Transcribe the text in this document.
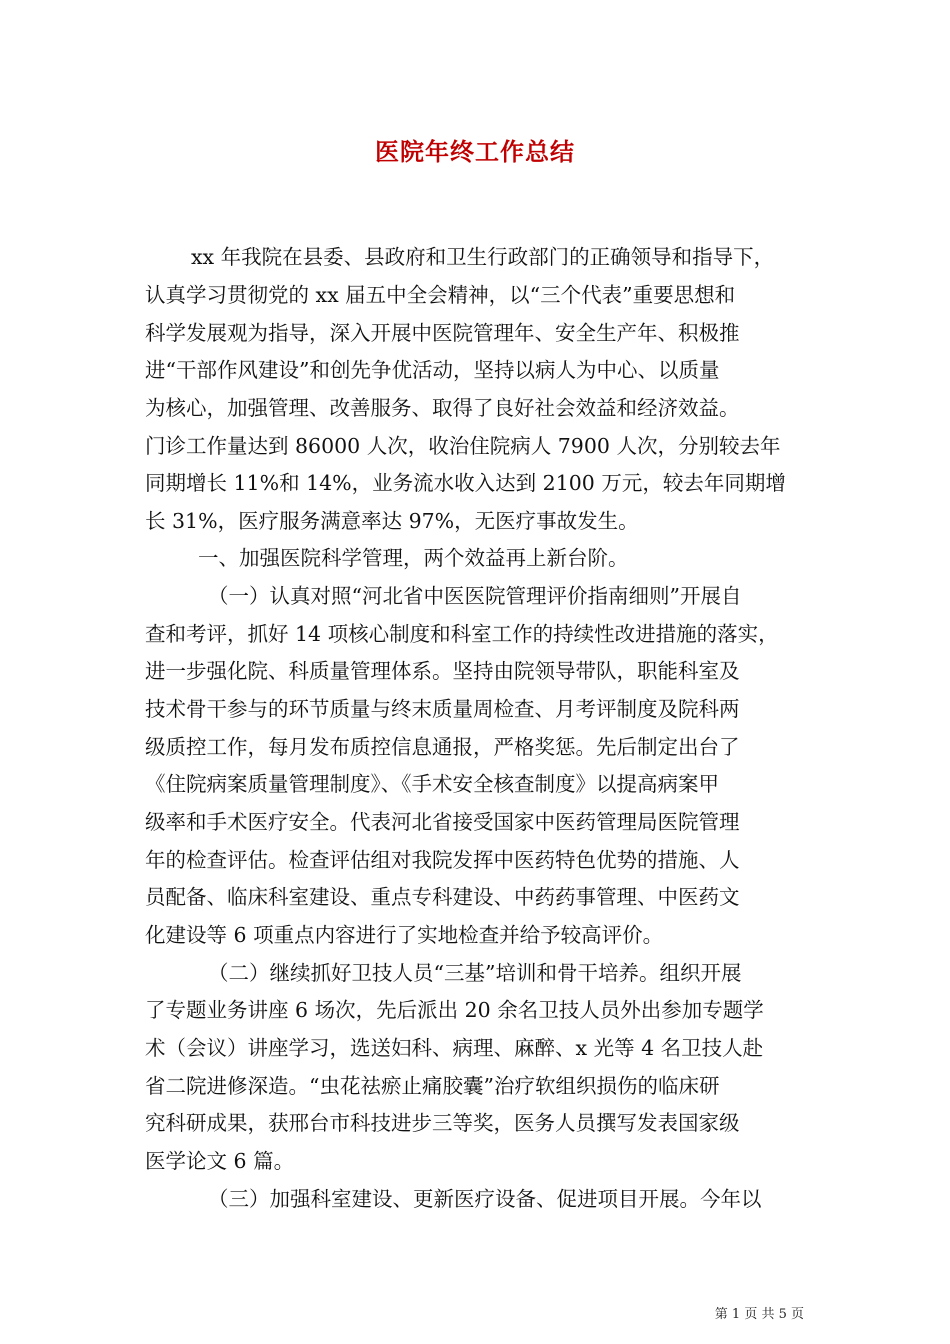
医院年终工作总结
xx 年我院在县委、县政府和卫生行政部门的正确领导和指导下，
认真学习贯彻党的 xx 届五中全会精神，以“三个代表”重要思想和
科学发展观为指导，深入开展中医院管理年、安全生产年、积极推
进“干部作风建设”和创先争优活动，坚持以病人为中心、以质量
为核心，加强管理、改善服务、取得了良好社会效益和经济效益。
门诊工作量达到 86000 人次，收治住院病人 7900 人次，分别较去年
同期增长 11%和 14%，业务流水收入达到 2100 万元，较去年同期增
长 31%，医疗服务满意率达 97%，无医疗事故发生。
一、加强医院科学管理，两个效益再上新台阶。
（一）认真对照“河北省中医医院管理评价指南细则”开展自
查和考评，抓好 14 项核心制度和科室工作的持续性改进措施的落实，
进一步强化院、科质量管理体系。坚持由院领导带队，职能科室及
技术骨干参与的环节质量与终末质量周检查、月考评制度及院科两
级质控工作，每月发布质控信息通报，严格奖惩。先后制定出台了
《住院病案质量管理制度》、《手术安全核查制度》以提高病案甲
级率和手术医疗安全。代表河北省接受国家中医药管理局医院管理
年的检查评估。检查评估组对我院发挥中医药特色优势的措施、人
员配备、临床科室建设、重点专科建设、中药药事管理、中医药文
化建设等 6 项重点内容进行了实地检查并给予较高评价。
（二）继续抓好卫技人员“三基”培训和骨干培养。组织开展
了专题业务讲座 6 场次，先后派出 20 余名卫技人员外出参加专题学
术（会议）讲座学习，选送妇科、病理、麻醉、x 光等 4 名卫技人赴
省二院进修深造。“虫花祛瘀止痛胶囊”治疗软组织损伤的临床研
究科研成果，获邢台市科技进步三等奖，医务人员撰写发表国家级
医学论文 6 篇。
（三）加强科室建设、更新医疗设备、促进项目开展。今年以
第 1 页 共 5 页
